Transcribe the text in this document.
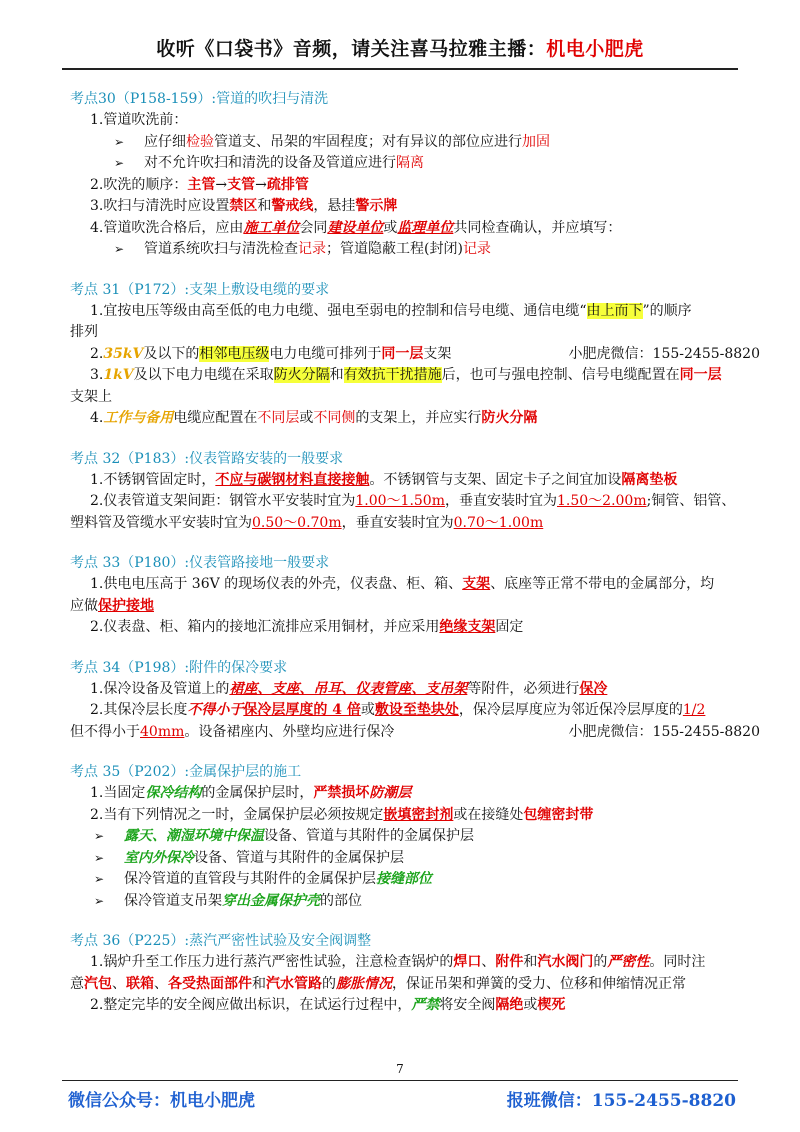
收听《口袋书》音频，请关注喜马拉雅主播：机电小肥虎

考点30（P158-159）:管道的吹扫与清洗

1.管道吹洗前：

➢ 应仔细检验管道支、吊架的牢固程度；对有异议的部位应进行加固

➢ 对不允许吹扫和清洗的设备及管道应进行隔离

2.吹洗的顺序：主管→支管→疏排管

3.吹扫与清洗时应设置禁区和警戒线，悬挂警示牌

4.管道吹洗合格后，应由施工单位会同建设单位或监理单位共同检查确认，并应填写：

➢ 管道系统吹扫与清洗检查记录；管道隐蔽工程(封闭)记录

考点 31（P172）:支架上敷设电缆的要求

1.宜按电压等级由高至低的电力电缆、强电至弱电的控制和信号电缆、通信电缆“由上而下”的顺序

排列

2.35kV及以下的相邻电压级电力电缆可排列于同一层支架	小肥虎微信：155-2455-8820

3.1kV及以下电力电缆在采取防火分隔和有效抗干扰措施后，也可与强电控制、信号电缆配置在同一层

支架上

4.工作与备用电缆应配置在不同层或不同侧的支架上，并应实行防火分隔

考点 32（P183）:仪表管路安装的一般要求

1.不锈钢管固定时，不应与碳钢材料直接接触。不锈钢管与支架、固定卡子之间宜加设隔离垫板

2.仪表管道支架间距：钢管水平安装时宜为1.00～1.50m，垂直安装时宜为1.50～2.00m;铜管、铝管、

塑料管及管缆水平安装时宜为0.50～0.70m，垂直安装时宜为0.70～1.00m

考点 33（P180）:仪表管路接地一般要求

1.供电电压高于 36V 的现场仪表的外壳，仪表盘、柜、箱、支架、底座等正常不带电的金属部分，均

应做保护接地

2.仪表盘、柜、箱内的接地汇流排应采用铜材，并应采用绝缘支架固定

考点 34（P198）:附件的保冷要求

1.保冷设备及管道上的裙座、支座、吊耳、仪表管座、支吊架等附件，必须进行保冷

2.其保冷层长度不得小于保冷层厚度的 4 倍或敷设至垫块处，保冷层厚度应为邻近保冷层厚度的1/2

但不得小于40mm。设备裙座内、外壁均应进行保冷	小肥虎微信：155-2455-8820

考点 35（P202）:金属保护层的施工

1.当固定保冷结构的金属保护层时，严禁损坏防潮层

2.当有下列情况之一时，金属保护层必须按规定嵌填密封剂或在接缝处包缠密封带

➢ 露天、潮湿环境中保温设备、管道与其附件的金属保护层

➢ 室内外保冷设备、管道与其附件的金属保护层

➢ 保冷管道的直管段与其附件的金属保护层接缝部位

➢ 保冷管道支吊架穿出金属保护壳的部位

考点 36（P225）:蒸汽严密性试验及安全阀调整

1.锅炉升至工作压力进行蒸汽严密性试验，注意检查锅炉的焊口、附件和汽水阀门的严密性。同时注

意汽包、联箱、各受热面部件和汽水管路的膨胀情况，保证吊架和弹簧的受力、位移和伸缩情况正常

2.整定完毕的安全阀应做出标识，在试运行过程中，严禁将安全阀隔绝或楔死

7
微信公众号：机电小肥虎	报班微信：155-2455-8820
